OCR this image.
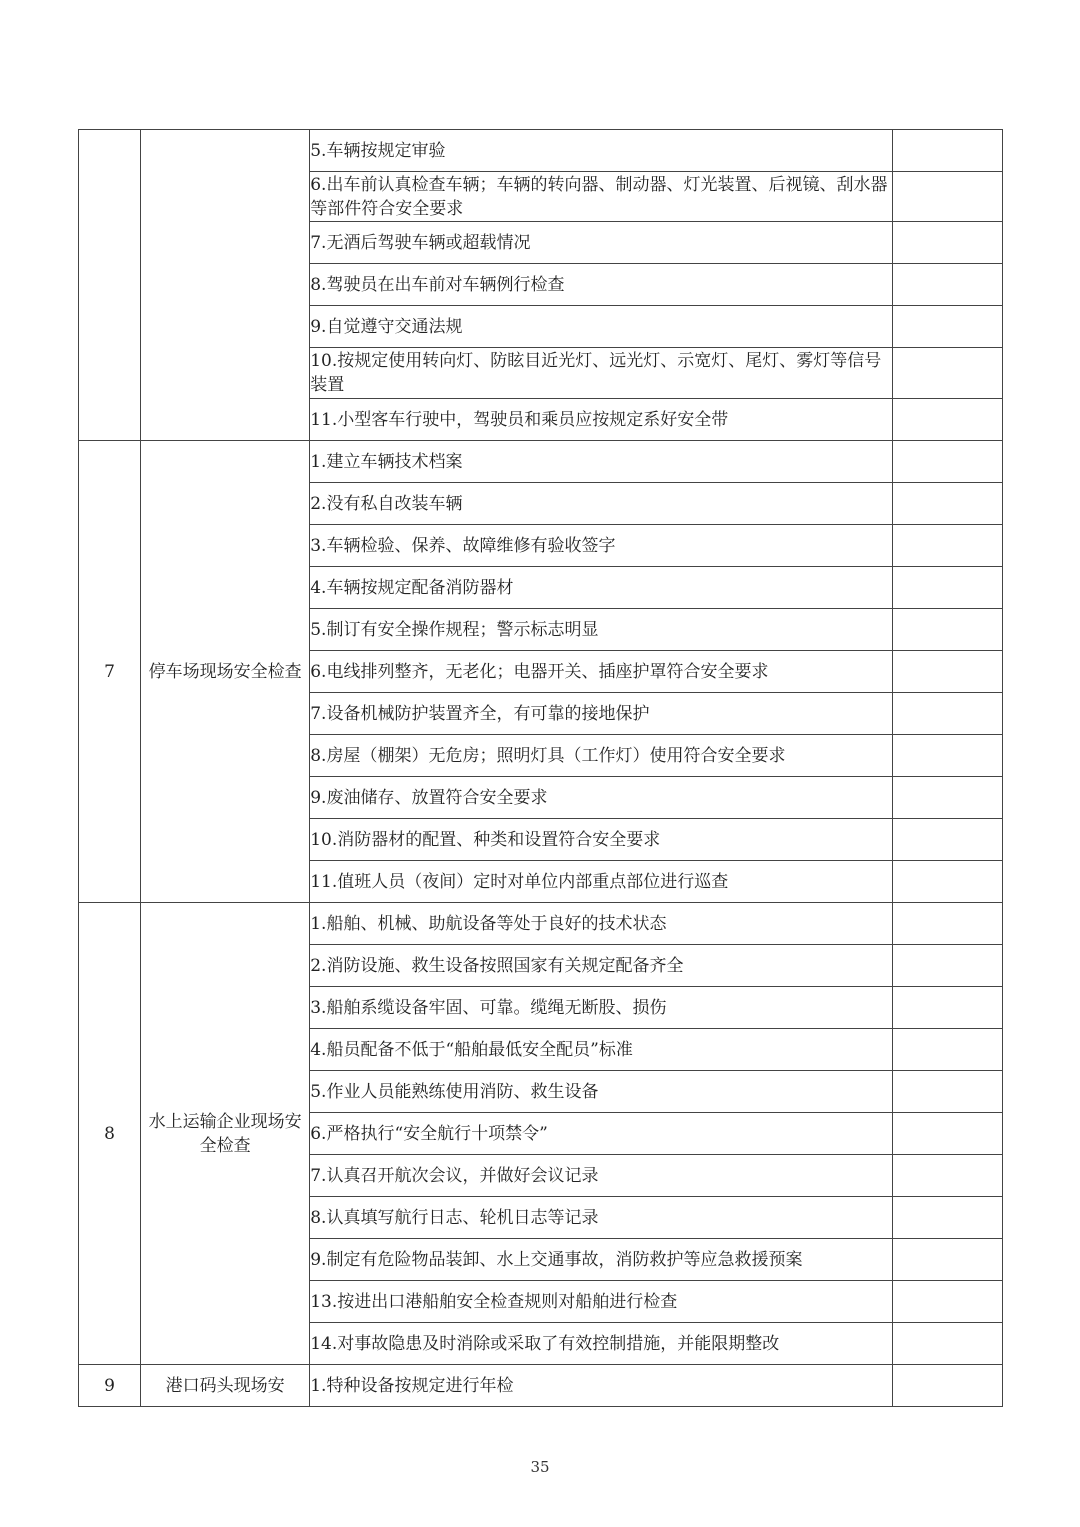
		5.车辆按规定审验	
		6.出车前认真检查车辆；车辆的转向器、制动器、灯光装置、后视镜、刮水器等部件符合安全要求	
		7.无酒后驾驶车辆或超载情况	
		8.驾驶员在出车前对车辆例行检查	
		9.自觉遵守交通法规	
		10.按规定使用转向灯、防眩目近光灯、远光灯、示宽灯、尾灯、雾灯等信号装置	
		11.小型客车行驶中，驾驶员和乘员应按规定系好安全带	
7	停车场现场安全检查	1.建立车辆技术档案	
		2.没有私自改装车辆	
		3.车辆检验、保养、故障维修有验收签字	
		4.车辆按规定配备消防器材	
		5.制订有安全操作规程；警示标志明显	
		6.电线排列整齐，无老化；电器开关、插座护罩符合安全要求	
		7.设备机械防护装置齐全，有可靠的接地保护	
		8.房屋（棚架）无危房；照明灯具（工作灯）使用符合安全要求	
		9.废油储存、放置符合安全要求	
		10.消防器材的配置、种类和设置符合安全要求	
		11.值班人员（夜间）定时对单位内部重点部位进行巡查	
8	水上运输企业现场安全检查	1.船舶、机械、助航设备等处于良好的技术状态	
		2.消防设施、救生设备按照国家有关规定配备齐全	
		3.船舶系缆设备牢固、可靠。缆绳无断股、损伤	
		4.船员配备不低于“船舶最低安全配员”标准	
		5.作业人员能熟练使用消防、救生设备	
		6.严格执行“安全航行十项禁令”	
		7.认真召开航次会议，并做好会议记录	
		8.认真填写航行日志、轮机日志等记录	
		9.制定有危险物品装卸、水上交通事故，消防救护等应急救援预案	
		13.按进出口港船舶安全检查规则对船舶进行检查	
		14.对事故隐患及时消除或采取了有效控制措施，并能限期整改	
9	港口码头现场安	1.特种设备按规定进行年检	
35
